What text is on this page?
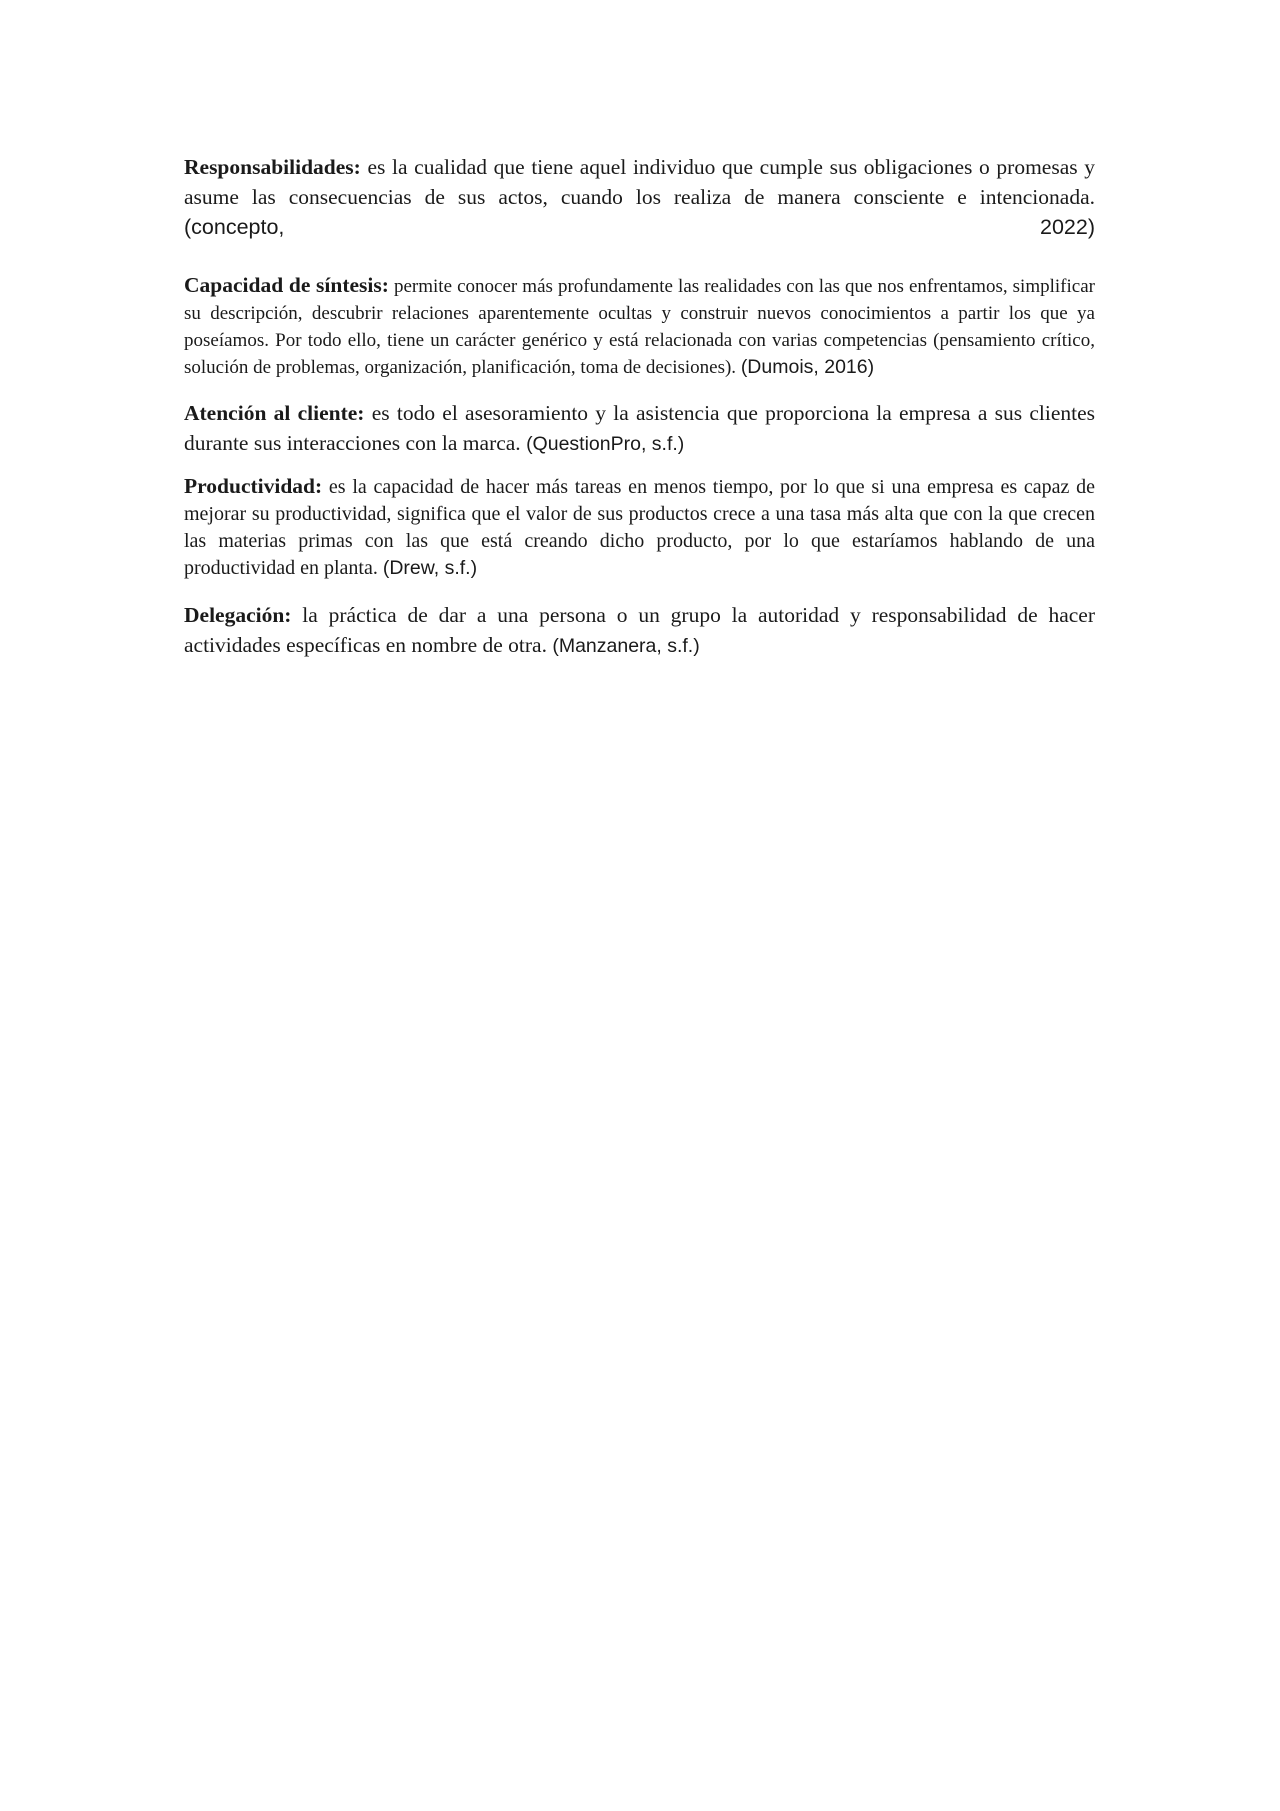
Responsabilidades: es la cualidad que tiene aquel individuo que cumple sus obligaciones o promesas y asume las consecuencias de sus actos, cuando los realiza de manera consciente e intencionada. (concepto, 2022)

Capacidad de síntesis: permite conocer más profundamente las realidades con las que nos enfrentamos, simplificar su descripción, descubrir relaciones aparentemente ocultas y construir nuevos conocimientos a partir los que ya poseíamos. Por todo ello, tiene un carácter genérico y está relacionada con varias competencias (pensamiento crítico, solución de problemas, organización, planificación, toma de decisiones). (Dumois, 2016)

Atención al cliente: es todo el asesoramiento y la asistencia que proporciona la empresa a sus clientes durante sus interacciones con la marca. (QuestionPro, s.f.)

Productividad: es la capacidad de hacer más tareas en menos tiempo, por lo que si una empresa es capaz de mejorar su productividad, significa que el valor de sus productos crece a una tasa más alta que con la que crecen las materias primas con las que está creando dicho producto, por lo que estaríamos hablando de una productividad en planta. (Drew, s.f.)

Delegación: la práctica de dar a una persona o un grupo la autoridad y responsabilidad de hacer actividades específicas en nombre de otra. (Manzanera, s.f.)
